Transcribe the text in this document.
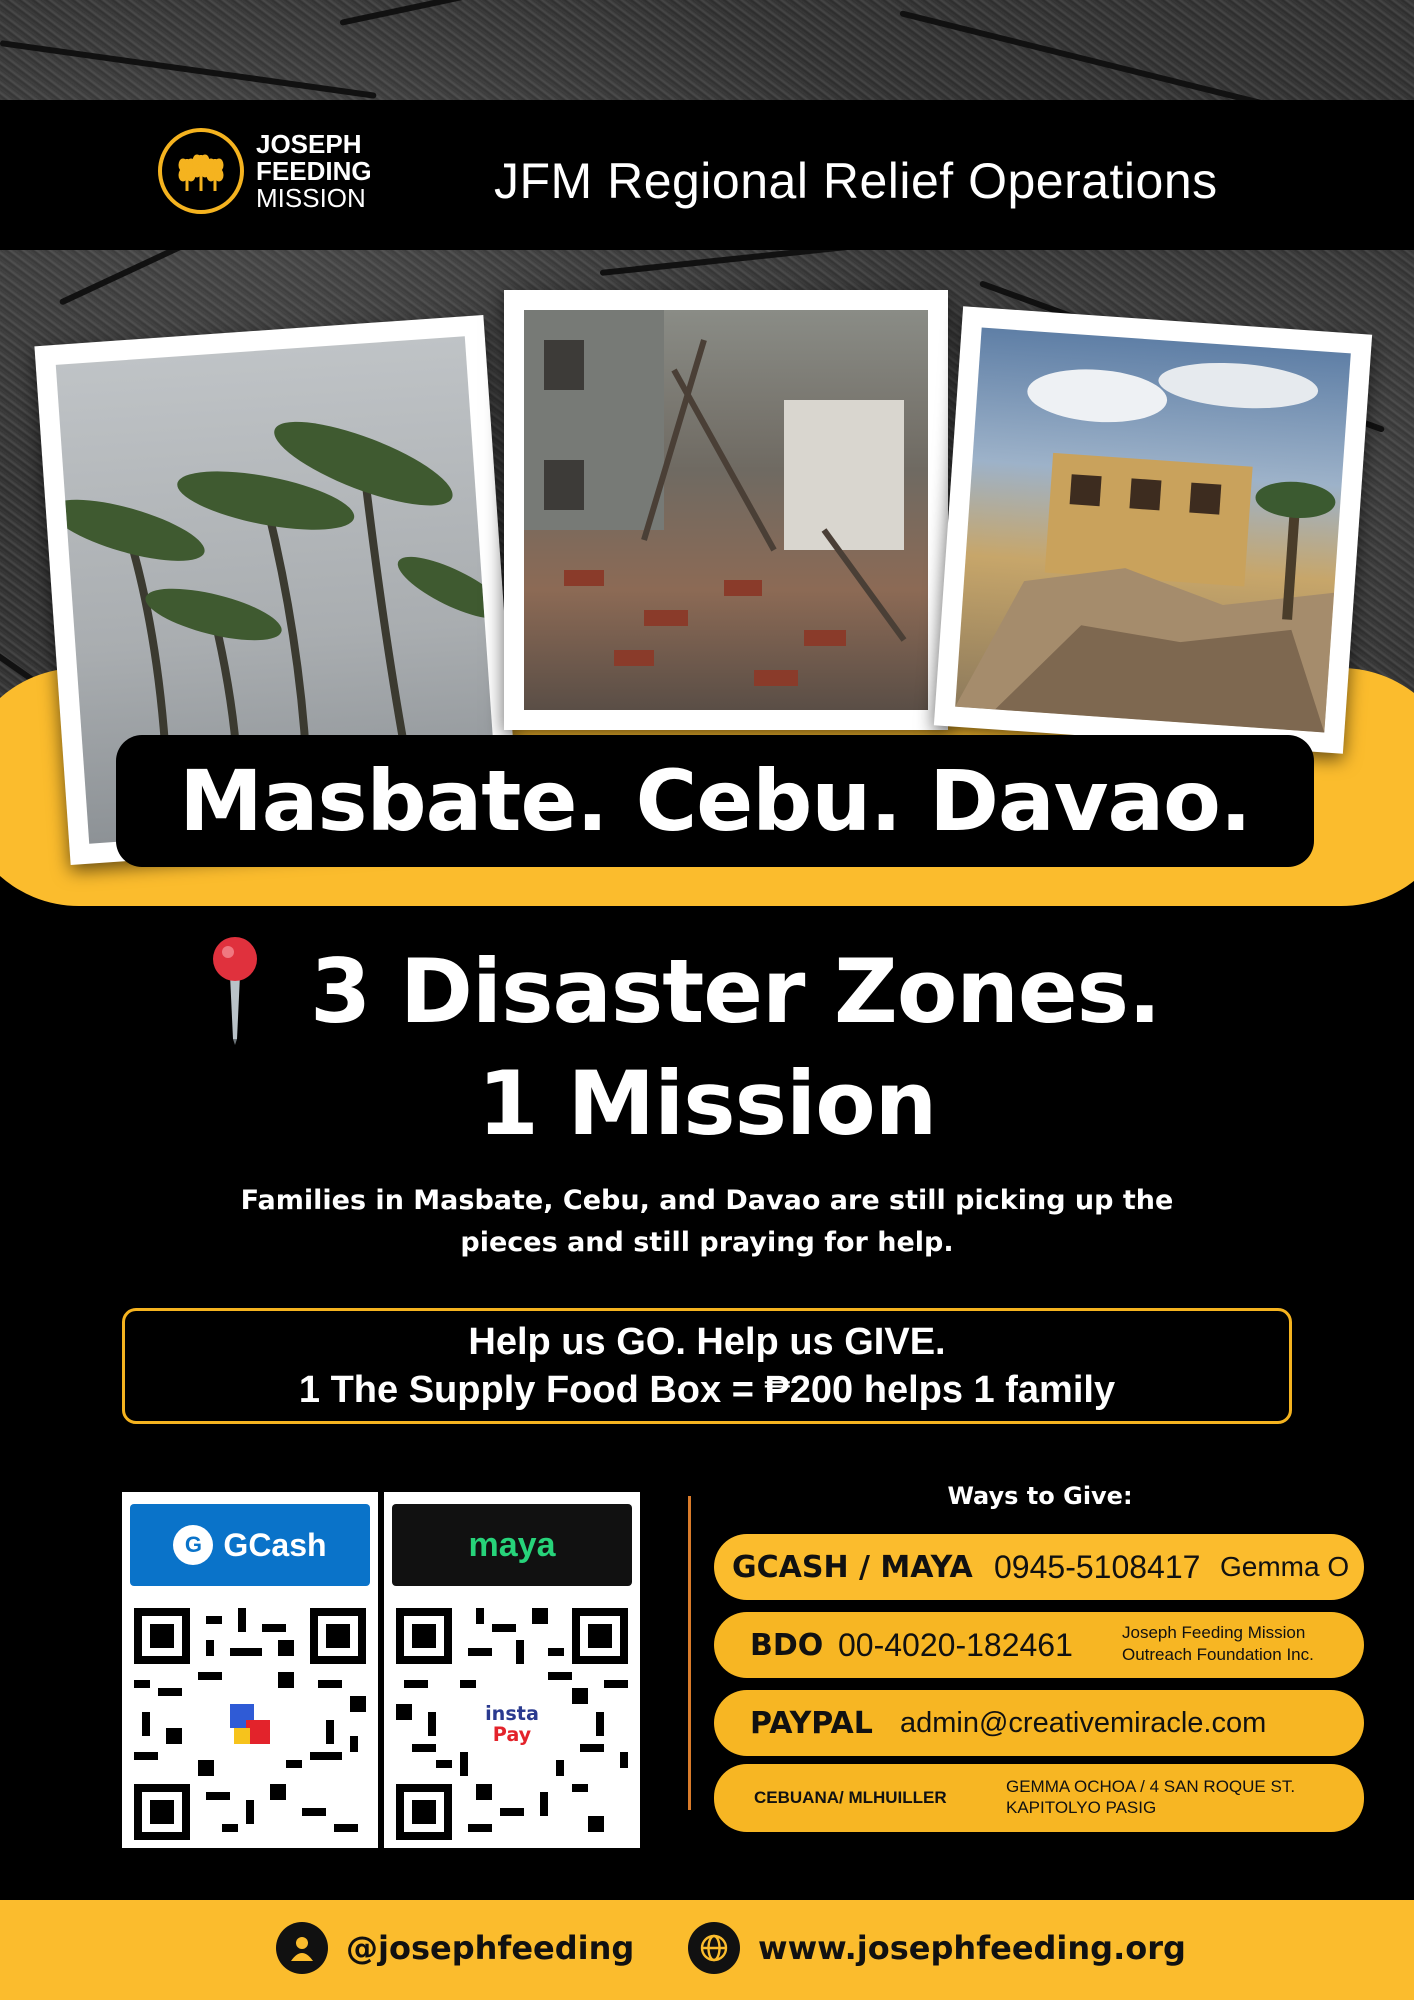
JOSEPH
FEEDING
MISSION	JFM Regional Relief Operations
Masbate. Cebu. Davao.
3 Disaster Zones.
1 Mission
Families in Masbate, Cebu, and Davao are still picking up the
pieces and still praying for help.
Help us GO. Help us GIVE.
1 The Supply Food Box = ₱200 helps 1 family
G GCash	maya
insta
Pay
Ways to Give:
GCASH / MAYA 0945-5108417 Gemma O
BDO 00-4020-182461	Joseph Feeding Mission
Outreach Foundation Inc.
PAYPAL admin@creativemiracle.com
CEBUANA/ MLHUILLER
GEMMA OCHOA / 4 SAN ROQUE ST.
KAPITOLYO PASIG
@josephfeeding	www.josephfeeding.org
